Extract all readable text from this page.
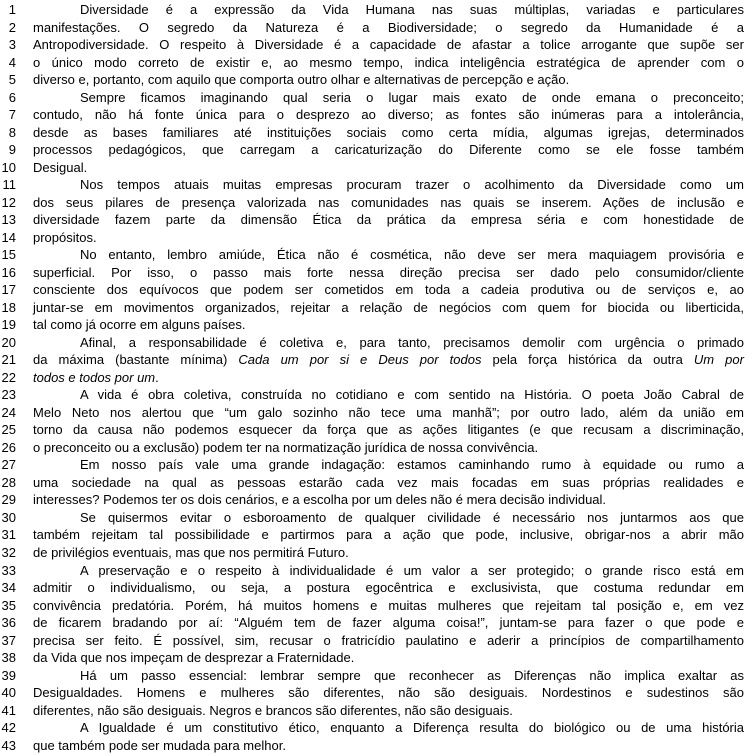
1	Diversidade é a expressão da Vida Humana nas suas múltiplas, variadas e particulares
2 manifestações. O segredo da Natureza é a Biodiversidade; o segredo da Humanidade é a
3 Antropodiversidade. O respeito à Diversidade é a capacidade de afastar a tolice arrogante que supõe ser
4 o único modo correto de existir e, ao mesmo tempo, indica inteligência estratégica de aprender com o
5 diverso e, portanto, com aquilo que comporta outro olhar e alternativas de percepção e ação.
6	Sempre ficamos imaginando qual seria o lugar mais exato de onde emana o preconceito;
7 contudo, não há fonte única para o desprezo ao diverso; as fontes são inúmeras para a intolerância,
8 desde as bases familiares até instituições sociais como certa mídia, algumas igrejas, determinados
9 processos pedagógicos, que carregam a caricaturização do Diferente como se ele fosse também
10 Desigual.
11	Nos tempos atuais muitas empresas procuram trazer o acolhimento da Diversidade como um
12 dos seus pilares de presença valorizada nas comunidades nas quais se inserem. Ações de inclusão e
13 diversidade fazem parte da dimensão Ética da prática da empresa séria e com honestidade de
14 propósitos.
15	No entanto, lembro amiúde, Ética não é cosmética, não deve ser mera maquiagem provisória e
16 superficial. Por isso, o passo mais forte nessa direção precisa ser dado pelo consumidor/cliente
17 consciente dos equívocos que podem ser cometidos em toda a cadeia produtiva ou de serviços e, ao
18 juntar-se em movimentos organizados, rejeitar a relação de negócios com quem for biocida ou liberticida,
19 tal como já ocorre em alguns países.
20	Afinal, a responsabilidade é coletiva e, para tanto, precisamos demolir com urgência o primado
21 da máxima (bastante mínima) Cada um por si e Deus por todos pela força histórica da outra Um por
22 todos e todos por um.
23	A vida é obra coletiva, construída no cotidiano e com sentido na História. O poeta João Cabral de
24 Melo Neto nos alertou que “um galo sozinho não tece uma manhã”; por outro lado, além da união em
25 torno da causa não podemos esquecer da força que as ações litigantes (e que recusam a discriminação,
26 o preconceito ou a exclusão) podem ter na normatização jurídica de nossa convivência.
27	Em nosso país vale uma grande indagação: estamos caminhando rumo à equidade ou rumo a
28 uma sociedade na qual as pessoas estarão cada vez mais focadas em suas próprias realidades e
29 interesses? Podemos ter os dois cenários, e a escolha por um deles não é mera decisão individual.
30	Se quisermos evitar o esboroamento de qualquer civilidade é necessário nos juntarmos aos que
31 também rejeitam tal possibilidade e partirmos para a ação que pode, inclusive, obrigar-nos a abrir mão
32 de privilégios eventuais, mas que nos permitirá Futuro.
33	A preservação e o respeito à individualidade é um valor a ser protegido; o grande risco está em
34 admitir o individualismo, ou seja, a postura egocêntrica e exclusivista, que costuma redundar em
35 convivência predatória. Porém, há muitos homens e muitas mulheres que rejeitam tal posição e, em vez
36 de ficarem bradando por aí: “Alguém tem de fazer alguma coisa!”, juntam-se para fazer o que pode e
37 precisa ser feito. É possível, sim, recusar o fratricídio paulatino e aderir a princípios de compartilhamento
38 da Vida que nos impeçam de desprezar a Fraternidade.
39	Há um passo essencial: lembrar sempre que reconhecer as Diferenças não implica exaltar as
40 Desigualdades. Homens e mulheres são diferentes, não são desiguais. Nordestinos e sudestinos são
41 diferentes, não são desiguais. Negros e brancos são diferentes, não são desiguais.
42	A Igualdade é um constitutivo ético, enquanto a Diferença resulta do biológico ou de uma história
43 que também pode ser mudada para melhor.
